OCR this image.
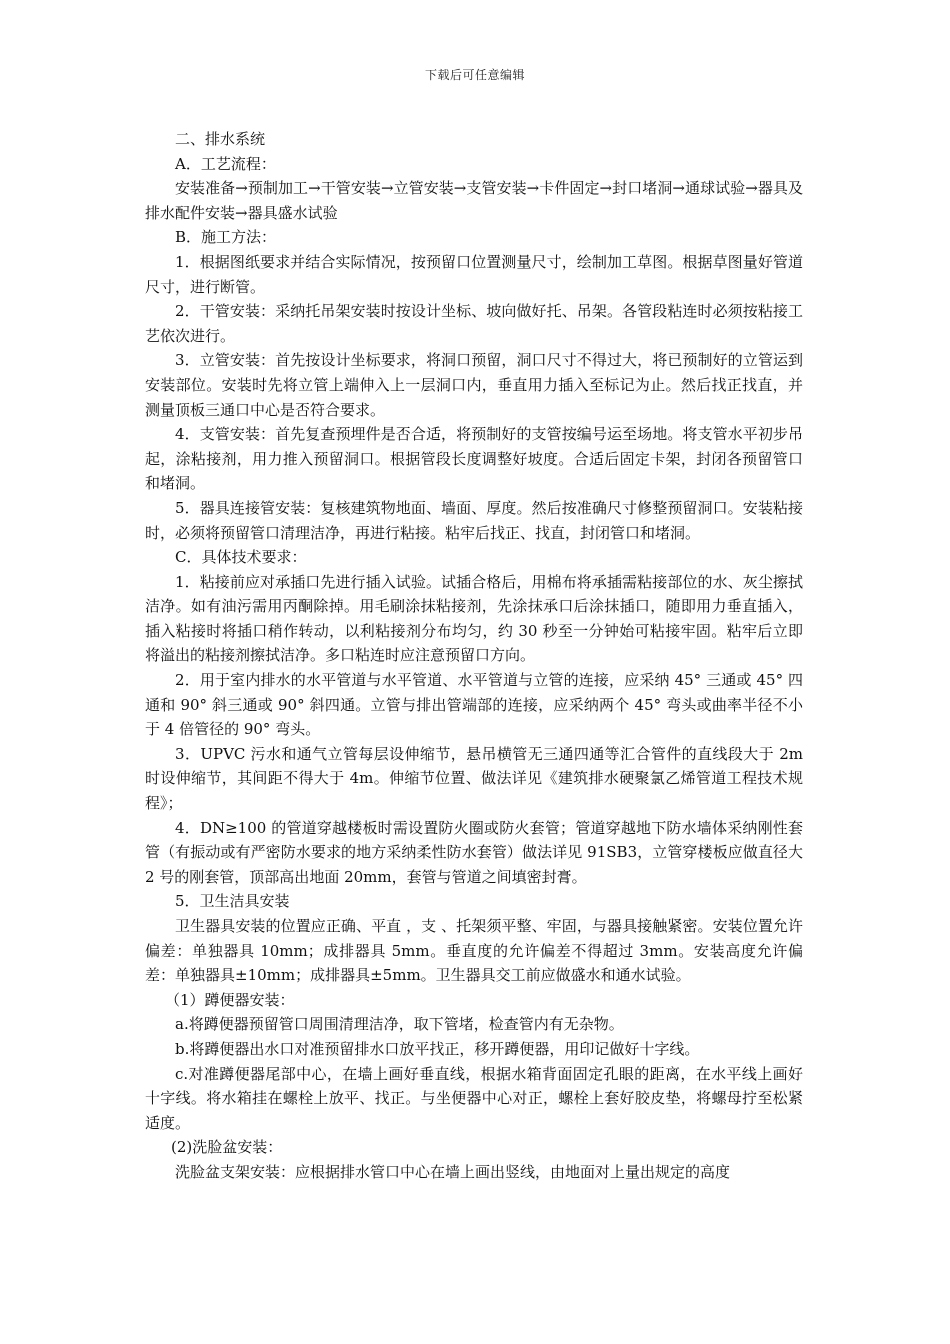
下载后可任意编辑

二、排水系统

A．工艺流程：

安装准备→预制加工→干管安装→立管安装→支管安装→卡件固定→封口堵洞→通球试验→器具及排水配件安装→器具盛水试验

B．施工方法：

1．根据图纸要求并结合实际情况，按预留口位置测量尺寸，绘制加工草图。根据草图量好管道尺寸，进行断管。

2．干管安装：采纳托吊架安装时按设计坐标、坡向做好托、吊架。各管段粘连时必须按粘接工艺依次进行。

3．立管安装：首先按设计坐标要求，将洞口预留，洞口尺寸不得过大，将已预制好的立管运到安装部位。安装时先将立管上端伸入上一层洞口内，垂直用力插入至标记为止。然后找正找直，并测量顶板三通口中心是否符合要求。

4．支管安装：首先复查预埋件是否合适，将预制好的支管按编号运至场地。将支管水平初步吊起，涂粘接剂，用力推入预留洞口。根据管段长度调整好坡度。合适后固定卡架，封闭各预留管口和堵洞。

5．器具连接管安装：复核建筑物地面、墙面、厚度。然后按准确尺寸修整预留洞口。安装粘接时，必须将预留管口清理洁净，再进行粘接。粘牢后找正、找直，封闭管口和堵洞。

C．具体技术要求：

1．粘接前应对承插口先进行插入试验。试插合格后，用棉布将承插需粘接部位的水、灰尘擦拭洁净。如有油污需用丙酮除掉。用毛刷涂抹粘接剂，先涂抹承口后涂抹插口，随即用力垂直插入，插入粘接时将插口稍作转动，以利粘接剂分布均匀，约 30 秒至一分钟始可粘接牢固。粘牢后立即将溢出的粘接剂擦拭洁净。多口粘连时应注意预留口方向。

2．用于室内排水的水平管道与水平管道、水平管道与立管的连接，应采纳 45° 三通或 45° 四通和 90° 斜三通或 90° 斜四通。立管与排出管端部的连接，应采纳两个 45° 弯头或曲率半径不小于 4 倍管径的 90° 弯头。

3．UPVC 污水和通气立管每层设伸缩节，悬吊横管无三通四通等汇合管件的直线段大于 2m 时设伸缩节，其间距不得大于 4m。伸缩节位置、做法详见《建筑排水硬聚氯乙烯管道工程技术规程》；

4．DN≥100 的管道穿越楼板时需设置防火圈或防火套管；管道穿越地下防水墙体采纳刚性套管（有振动或有严密防水要求的地方采纳柔性防水套管）做法详见 91SB3，立管穿楼板应做直径大 2 号的刚套管，顶部高出地面 20mm，套管与管道之间填密封膏。

5．卫生洁具安装

卫生器具安装的位置应正确、平直 ，支 、托架须平整、牢固，与器具接触紧密。安装位置允许偏差：单独器具 10mm；成排器具 5mm。垂直度的允许偏差不得超过 3mm。安装高度允许偏差：单独器具±10mm；成排器具±5mm。卫生器具交工前应做盛水和通水试验。

（1）蹲便器安装：

a.将蹲便器预留管口周围清理洁净，取下管堵，检查管内有无杂物。

b.将蹲便器出水口对准预留排水口放平找正，移开蹲便器，用印记做好十字线。

c.对准蹲便器尾部中心，在墙上画好垂直线，根据水箱背面固定孔眼的距离，在水平线上画好十字线。将水箱挂在螺栓上放平、找正。与坐便器中心对正，螺栓上套好胶皮垫，将螺母拧至松紧适度。

(2)洗脸盆安装：

洗脸盆支架安装：应根据排水管口中心在墙上画出竖线，由地面对上量出规定的高度
